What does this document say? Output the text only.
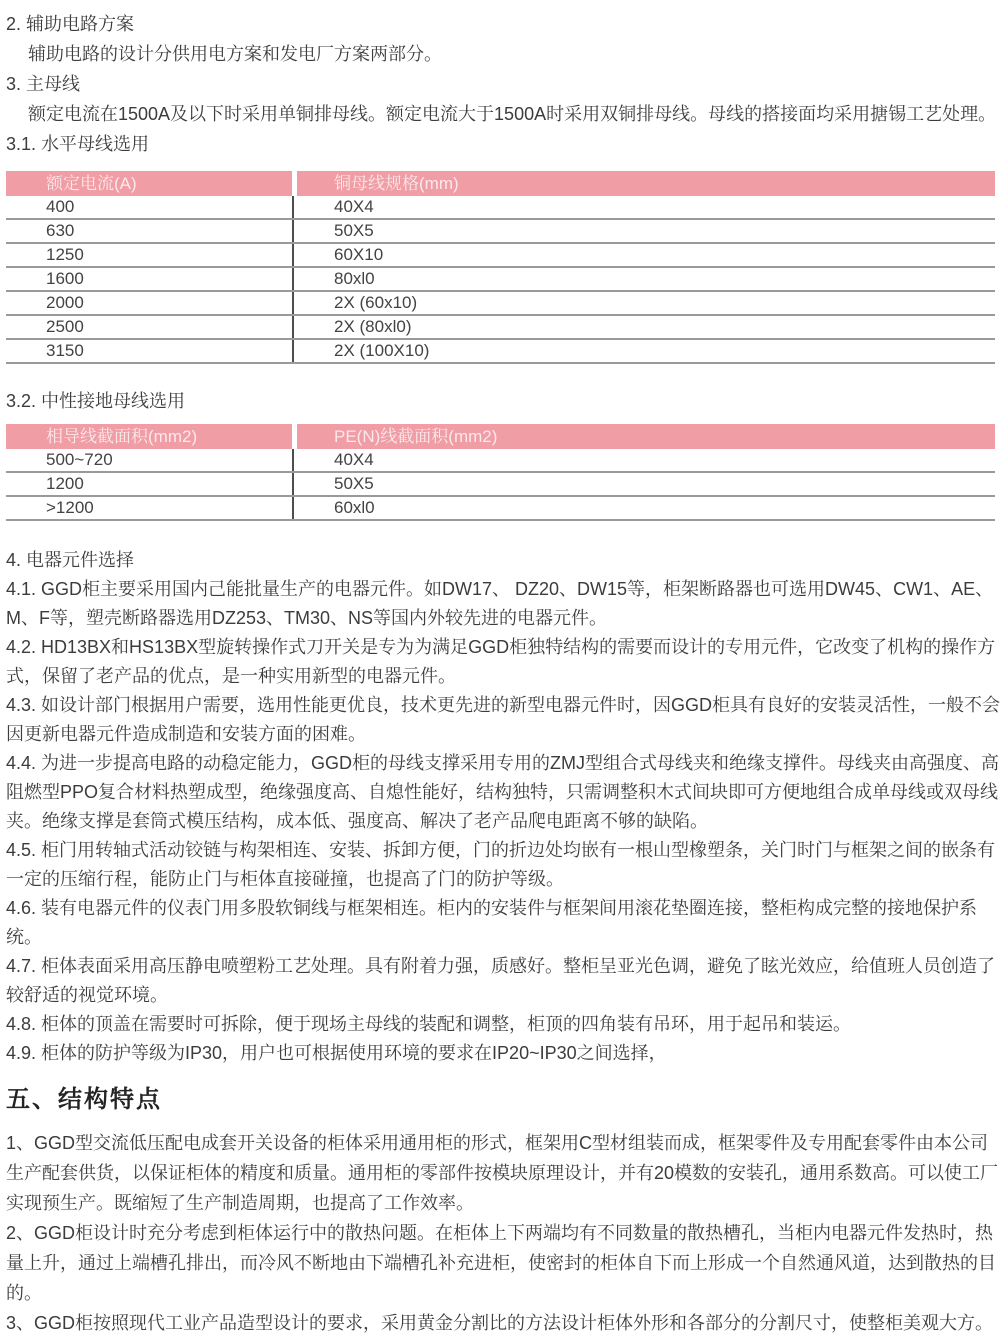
2. 辅助电路方案
辅助电路的设计分供用电方案和发电厂方案两部分。
3. 主母线
额定电流在1500A及以下时采用单铜排母线。额定电流大于1500A时采用双铜排母线。母线的搭接面均采用搪锡工艺处理。
3.1. 水平母线选用
额定电流(A)	铜母线规格(mm)
400	40X4
630	50X5
1250	60X10
1600	80xl0
2000	2X (60x10)
2500	2X (80xl0)
3150	2X (100X10)
3.2. 中性接地母线选用
相导线截面积(mm2)	PE(N)线截面积(mm2)
500~720	40X4
1200	50X5
>1200	60xl0
4. 电器元件选择

4.1. GGD柜主要采用国内己能批量生产的电器元件。如DW17、 DZ20、DW15等，柜架断路器也可选用DW45、CW1、AE、 M、F等，塑壳断路器选用DZ253、TM30、NS等国内外较先进的电器元件。

4.2. HD13BX和HS13BX型旋转操作式刀开关是专为为满足GGD柜独特结构的需要而设计的专用元件，它改变了机构的操作方式，保留了老产品的优点，是一种实用新型的电器元件。

4.3. 如设计部门根据用户需要，选用性能更优良，技术更先进的新型电器元件时，因GGD柜具有良好的安装灵活性，一般不会因更新电器元件造成制造和安装方面的困难。

4.4. 为进一步提高电路的动稳定能力，GGD柜的母线支撑采用专用的ZMJ型组合式母线夹和绝缘支撑件。母线夹由高强度、高阻燃型PPO复合材料热塑成型，绝缘强度高、自熄性能好，结构独特，只需调整积木式间块即可方便地组合成单母线或双母线夹。绝缘支撑是套筒式模压结构，成本低、强度高、解决了老产品爬电距离不够的缺陷。

4.5. 柜门用转轴式活动铰链与构架相连、安装、拆卸方便，门的折边处均嵌有一根山型橡塑条，关门时门与框架之间的嵌条有一定的压缩行程，能防止门与柜体直接碰撞，也提高了门的防护等级。

4.6. 装有电器元件的仪表门用多股软铜线与框架相连。柜内的安装件与框架间用滚花垫圈连接，整柜构成完整的接地保护系统。

4.7. 柜体表面采用高压静电喷塑粉工艺处理。具有附着力强，质感好。整柜呈亚光色调，避免了眩光效应，给值班人员创造了较舒适的视觉环境。

4.8. 柜体的顶盖在需要时可拆除，便于现场主母线的装配和调整，柜顶的四角装有吊环，用于起吊和装运。

4.9. 柜体的防护等级为IP30，用户也可根据使用环境的要求在IP20~IP30之间选择，

五、结构特点

1、GGD型交流低压配电成套开关设备的柜体采用通用柜的形式，框架用C型材组装而成，框架零件及专用配套零件由本公司生产配套供货，以保证柜体的精度和质量。通用柜的零部件按模块原理设计，并有20模数的安装孔，通用系数高。可以使工厂实现预生产。既缩短了生产制造周期，也提高了工作效率。

2、GGD柜设计时充分考虑到柜体运行中的散热问题。在柜体上下两端均有不同数量的散热槽孔，当柜内电器元件发热时，热量上升，通过上端槽孔排出，而冷风不断地由下端槽孔补充进柜，使密封的柜体自下而上形成一个自然通风道，达到散热的目的。

3、GGD柜按照现代工业产品造型设计的要求，采用黄金分割比的方法设计柜体外形和各部分的分割尺寸，使整柜美观大方。
